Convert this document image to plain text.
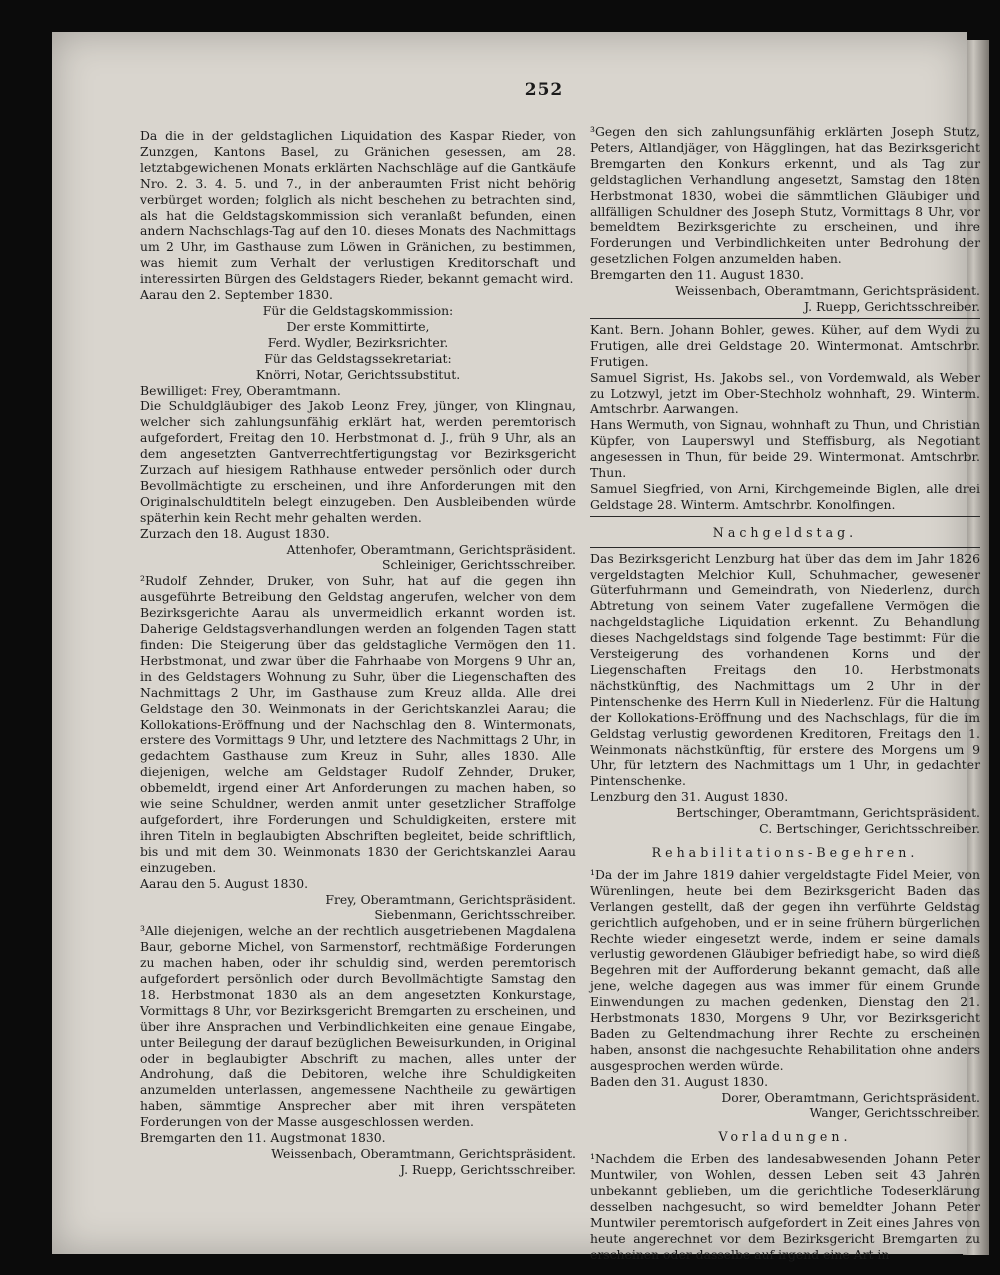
252

Da die in der geldstaglichen Liquidation des Kaspar Rieder, von Zunzgen, Kantons Basel, zu Gränichen gesessen, am 28. letztabgewichenen Monats erklärten Nachschläge auf die Gantkäufe Nro. 2. 3. 4. 5. und 7., in der anberaumten Frist nicht behörig verbürget worden; folglich als nicht beschehen zu betrachten sind, als hat die Geldstagskommission sich veranlaßt befunden, einen andern Nachschlags-Tag auf den 10. dieses Monats des Nachmittags um 2 Uhr, im Gasthause zum Löwen in Gränichen, zu bestimmen, was hiemit zum Verhalt der verlustigen Kreditorschaft und interessirten Bürgen des Geldstagers Rieder, bekannt gemacht wird.

Aarau den 2. September 1830.

Für die Geldstagskommission:

Der erste Kommittirte,

Ferd. Wydler, Bezirksrichter.

Für das Geldstagssekretariat:

Knörri, Notar, Gerichtssubstitut.

Bewilliget: Frey, Oberamtmann.

Die Schuldgläubiger des Jakob Leonz Frey, jünger, von Klingnau, welcher sich zahlungsunfähig erklärt hat, werden peremtorisch aufgefordert, Freitag den 10. Herbstmonat d. J., früh 9 Uhr, als an dem angesetzten Gantverrechtfertigungstag vor Bezirksgericht Zurzach auf hiesigem Rathhause entweder persönlich oder durch Bevollmächtigte zu erscheinen, und ihre Anforderungen mit den Originalschuldtiteln belegt einzugeben. Den Ausbleibenden würde späterhin kein Recht mehr gehalten werden.

Zurzach den 18. August 1830.

Attenhofer, Oberamtmann, Gerichtspräsident.

Schleiniger, Gerichtsschreiber.

²Rudolf Zehnder, Druker, von Suhr, hat auf die gegen ihn ausgeführte Betreibung den Geldstag angerufen, welcher von dem Bezirksgerichte Aarau als unvermeidlich erkannt worden ist. Daherige Geldstagsverhandlungen werden an folgenden Tagen statt finden: Die Steigerung über das geldstagliche Vermögen den 11. Herbstmonat, und zwar über die Fahrhaabe von Morgens 9 Uhr an, in des Geldstagers Wohnung zu Suhr, über die Liegenschaften des Nachmittags 2 Uhr, im Gasthause zum Kreuz allda. Alle drei Geldstage den 30. Weinmonats in der Gerichtskanzlei Aarau; die Kollokations-Eröffnung und der Nachschlag den 8. Wintermonats, erstere des Vormittags 9 Uhr, und letztere des Nachmittags 2 Uhr, in gedachtem Gasthause zum Kreuz in Suhr, alles 1830. Alle diejenigen, welche am Geldstager Rudolf Zehnder, Druker, obbemeldt, irgend einer Art Anforderungen zu machen haben, so wie seine Schuldner, werden anmit unter gesetzlicher Straffolge aufgefordert, ihre Forderungen und Schuldigkeiten, erstere mit ihren Titeln in beglaubigten Abschriften begleitet, beide schriftlich, bis und mit dem 30. Weinmonats 1830 der Gerichtskanzlei Aarau einzugeben.

Aarau den 5. August 1830.

Frey, Oberamtmann, Gerichtspräsident.

Siebenmann, Gerichtsschreiber.

³Alle diejenigen, welche an der rechtlich ausgetriebenen Magdalena Baur, geborne Michel, von Sarmenstorf, rechtmäßige Forderungen zu machen haben, oder ihr schuldig sind, werden peremtorisch aufgefordert persönlich oder durch Bevollmächtigte Samstag den 18. Herbstmonat 1830 als an dem angesetzten Konkurstage, Vormittags 8 Uhr, vor Bezirksgericht Bremgarten zu erscheinen, und über ihre Ansprachen und Verbindlichkeiten eine genaue Eingabe, unter Beilegung der darauf bezüglichen Beweisurkunden, in Original oder in beglaubigter Abschrift zu machen, alles unter der Androhung, daß die Debitoren, welche ihre Schuldigkeiten anzumelden unterlassen, angemessene Nachtheile zu gewärtigen haben, sämmtige Ansprecher aber mit ihren verspäteten Forderungen von der Masse ausgeschlossen werden.

Bremgarten den 11. Augstmonat 1830.

Weissenbach, Oberamtmann, Gerichtspräsident.

J. Ruepp, Gerichtsschreiber.

³Gegen den sich zahlungsunfähig erklärten Joseph Stutz, Peters, Altlandjäger, von Hägglingen, hat das Bezirksgericht Bremgarten den Konkurs erkennt, und als Tag zur geldstaglichen Verhandlung angesetzt, Samstag den 18ten Herbstmonat 1830, wobei die sämmtlichen Gläubiger und allfälligen Schuldner des Joseph Stutz, Vormittags 8 Uhr, vor bemeldtem Bezirksgerichte zu erscheinen, und ihre Forderungen und Verbindlichkeiten unter Bedrohung der gesetzlichen Folgen anzumelden haben.

Bremgarten den 11. August 1830.

Weissenbach, Oberamtmann, Gerichtspräsident.

J. Ruepp, Gerichtsschreiber.

Kant. Bern. Johann Bohler, gewes. Küher, auf dem Wydi zu Frutigen, alle drei Geldstage 20. Wintermonat. Amtschrbr. Frutigen.

Samuel Sigrist, Hs. Jakobs sel., von Vordemwald, als Weber zu Lotzwyl, jetzt im Ober-Stechholz wohnhaft, 29. Winterm. Amtschrbr. Aarwangen.

Hans Wermuth, von Signau, wohnhaft zu Thun, und Christian Küpfer, von Lauperswyl und Steffisburg, als Negotiant angesessen in Thun, für beide 29. Wintermonat. Amtschrbr. Thun.

Samuel Siegfried, von Arni, Kirchgemeinde Biglen, alle drei Geldstage 28. Winterm. Amtschrbr. Konolfingen.

Nachgeldstag.

Das Bezirksgericht Lenzburg hat über das dem im Jahr 1826 vergeldstagten Melchior Kull, Schuhmacher, gewesener Güterfuhrmann und Gemeindrath, von Niederlenz, durch Abtretung von seinem Vater zugefallene Vermögen die nachgeldstagliche Liquidation erkennt. Zu Behandlung dieses Nachgeldstags sind folgende Tage bestimmt: Für die Versteigerung des vorhandenen Korns und der Liegenschaften Freitags den 10. Herbstmonats nächstkünftig, des Nachmittags um 2 Uhr in der Pintenschenke des Herrn Kull in Niederlenz. Für die Haltung der Kollokations-Eröffnung und des Nachschlags, für die im Geldstag verlustig gewordenen Kreditoren, Freitags den 1. Weinmonats nächstkünftig, für erstere des Morgens um 9 Uhr, für letztern des Nachmittags um 1 Uhr, in gedachter Pintenschenke.

Lenzburg den 31. August 1830.

Bertschinger, Oberamtmann, Gerichtspräsident.

C. Bertschinger, Gerichtsschreiber.

Rehabilitations-Begehren.

¹Da der im Jahre 1819 dahier vergeldstagte Fidel Meier, von Würenlingen, heute bei dem Bezirksgericht Baden das Verlangen gestellt, daß der gegen ihn verführte Geldstag gerichtlich aufgehoben, und er in seine frühern bürgerlichen Rechte wieder eingesetzt werde, indem er seine damals verlustig gewordenen Gläubiger befriedigt habe, so wird dieß Begehren mit der Aufforderung bekannt gemacht, daß alle jene, welche dagegen aus was immer für einem Grunde Einwendungen zu machen gedenken, Dienstag den 21. Herbstmonats 1830, Morgens 9 Uhr, vor Bezirksgericht Baden zu Geltendmachung ihrer Rechte zu erscheinen haben, ansonst die nachgesuchte Rehabilitation ohne anders ausgesprochen werden würde.

Baden den 31. August 1830.

Dorer, Oberamtmann, Gerichtspräsident.

Wanger, Gerichtsschreiber.

Vorladungen.

¹Nachdem die Erben des landesabwesenden Johann Peter Muntwiler, von Wohlen, dessen Leben seit 43 Jahren unbekannt geblieben, um die gerichtliche Todeserklärung desselben nachgesucht, so wird bemeldter Johann Peter Muntwiler peremtorisch aufgefordert in Zeit eines Jahres von heute angerechnet vor dem Bezirksgericht Bremgarten zu erscheinen oder dasselbe auf irgend eine Art in
